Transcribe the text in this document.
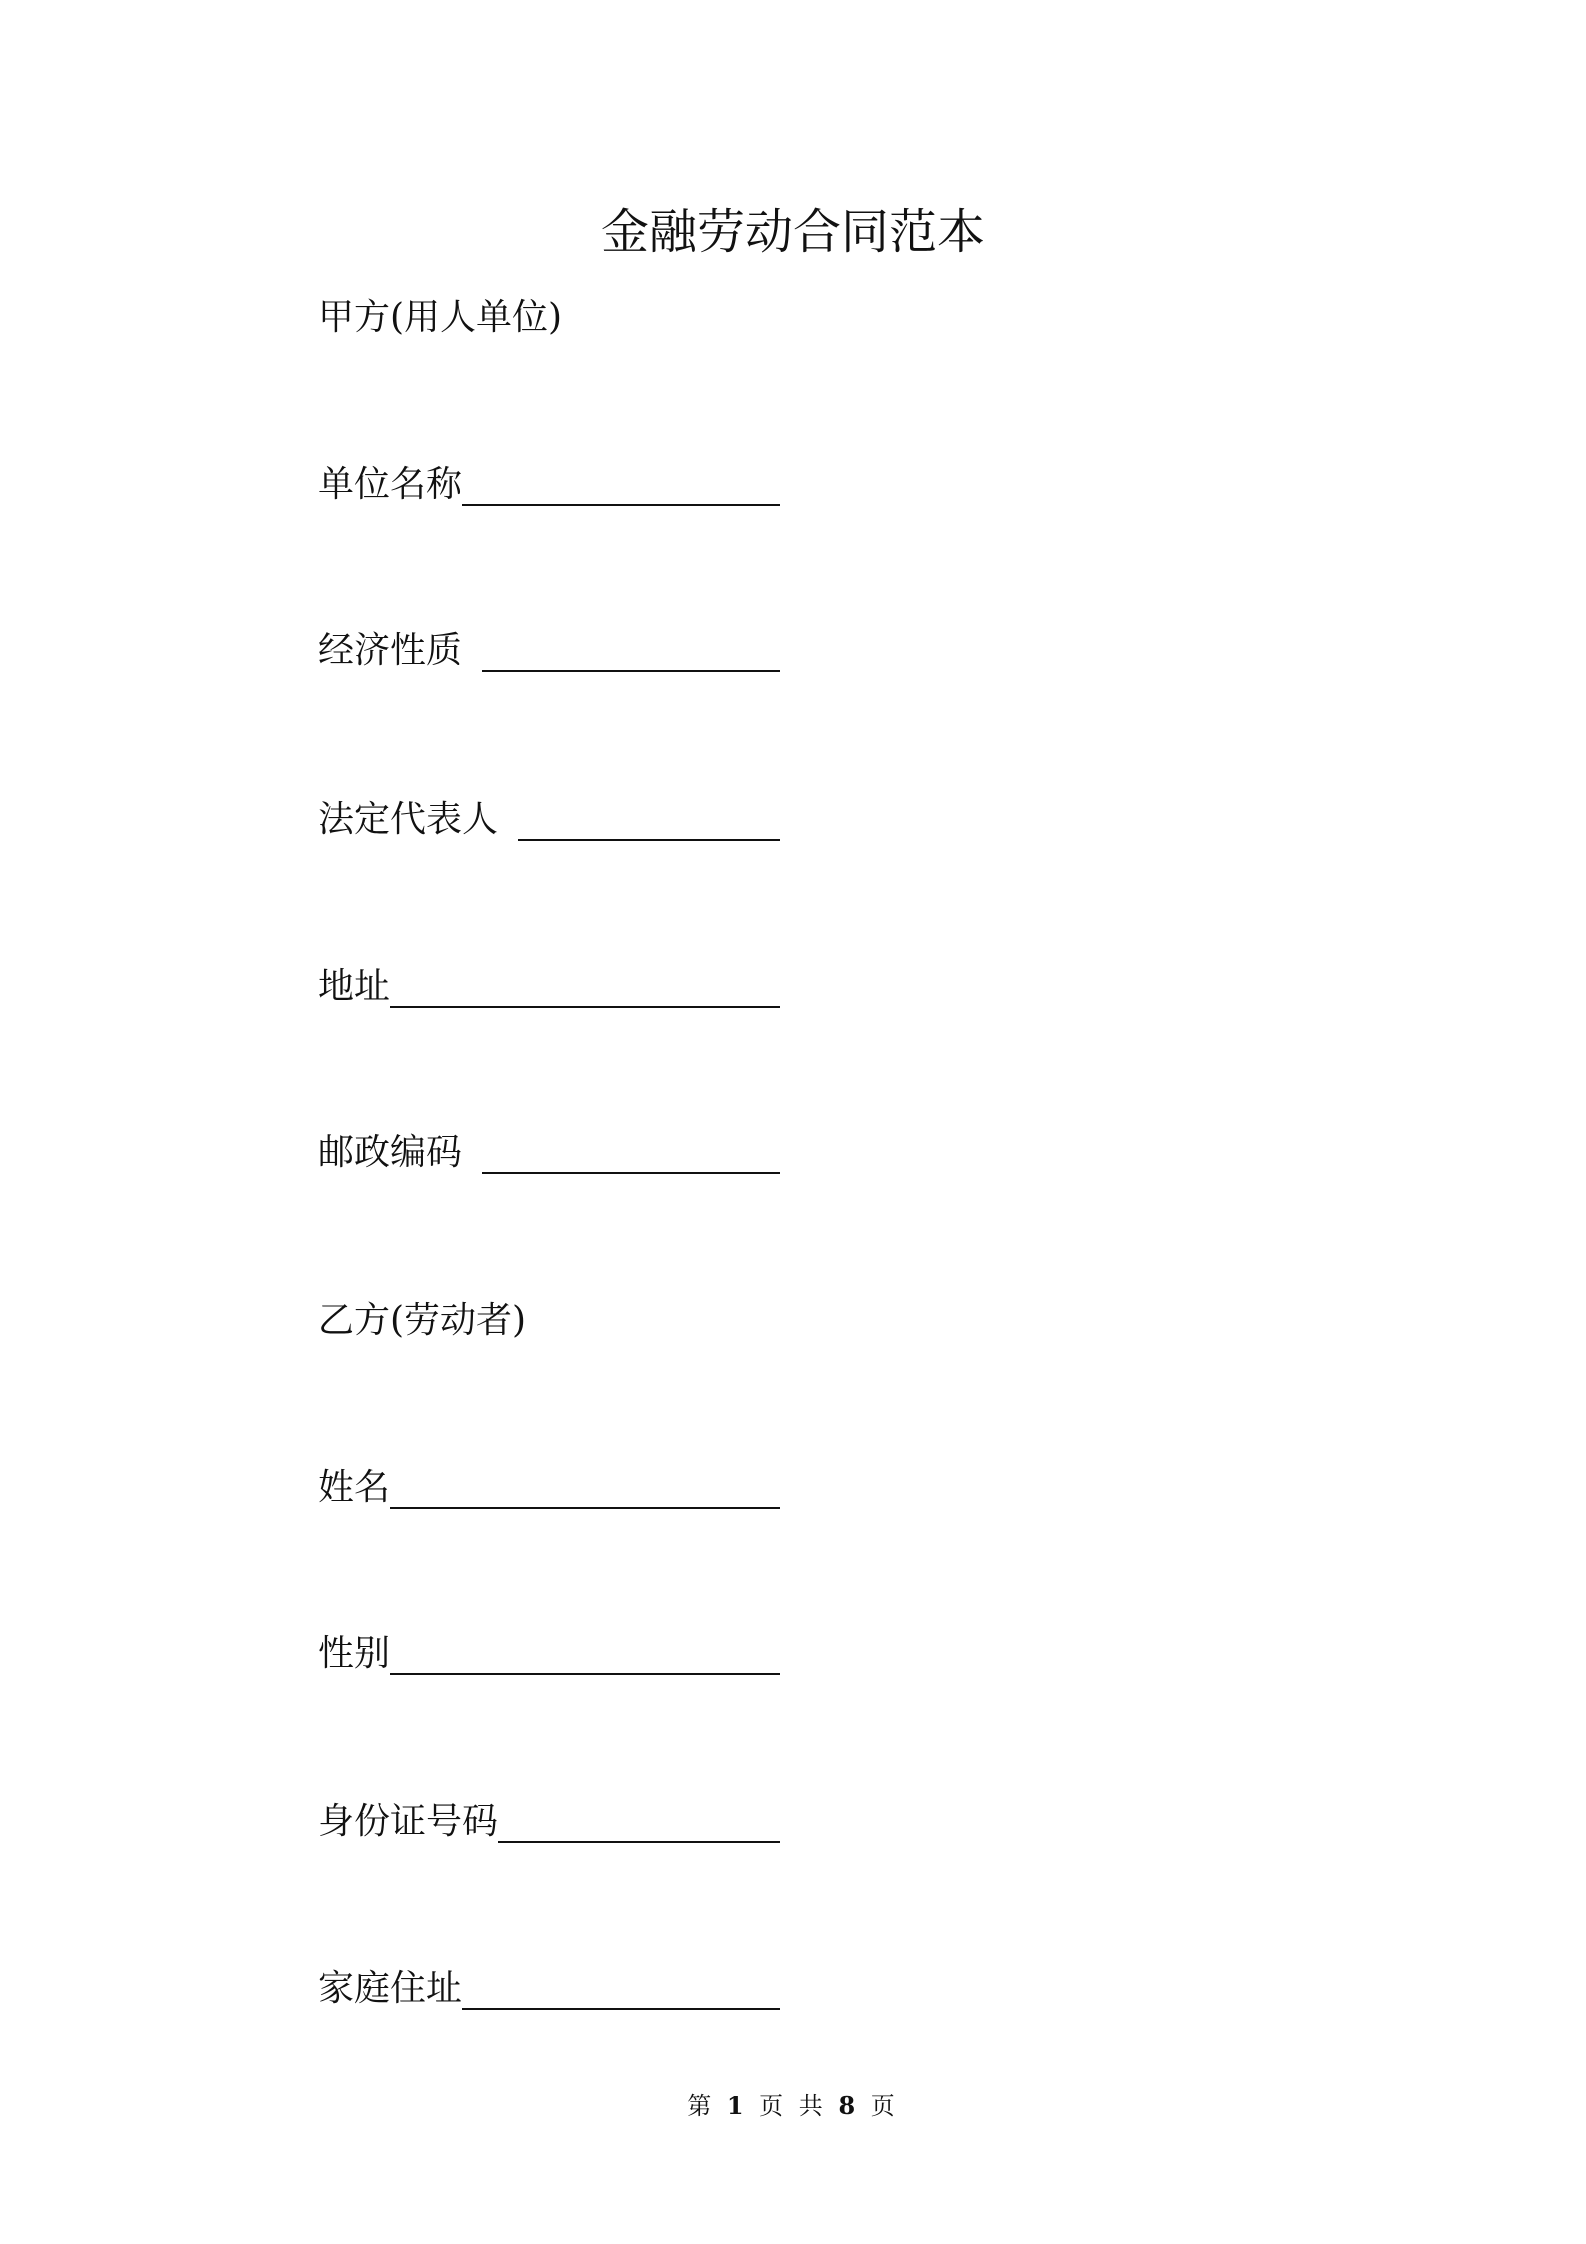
金融劳动合同范本
甲方(用人单位)
单位名称
经济性质
法定代表人
地址
邮政编码
乙方(劳动者)
姓名
性别
身份证号码
家庭住址
第 1 页 共 8 页
